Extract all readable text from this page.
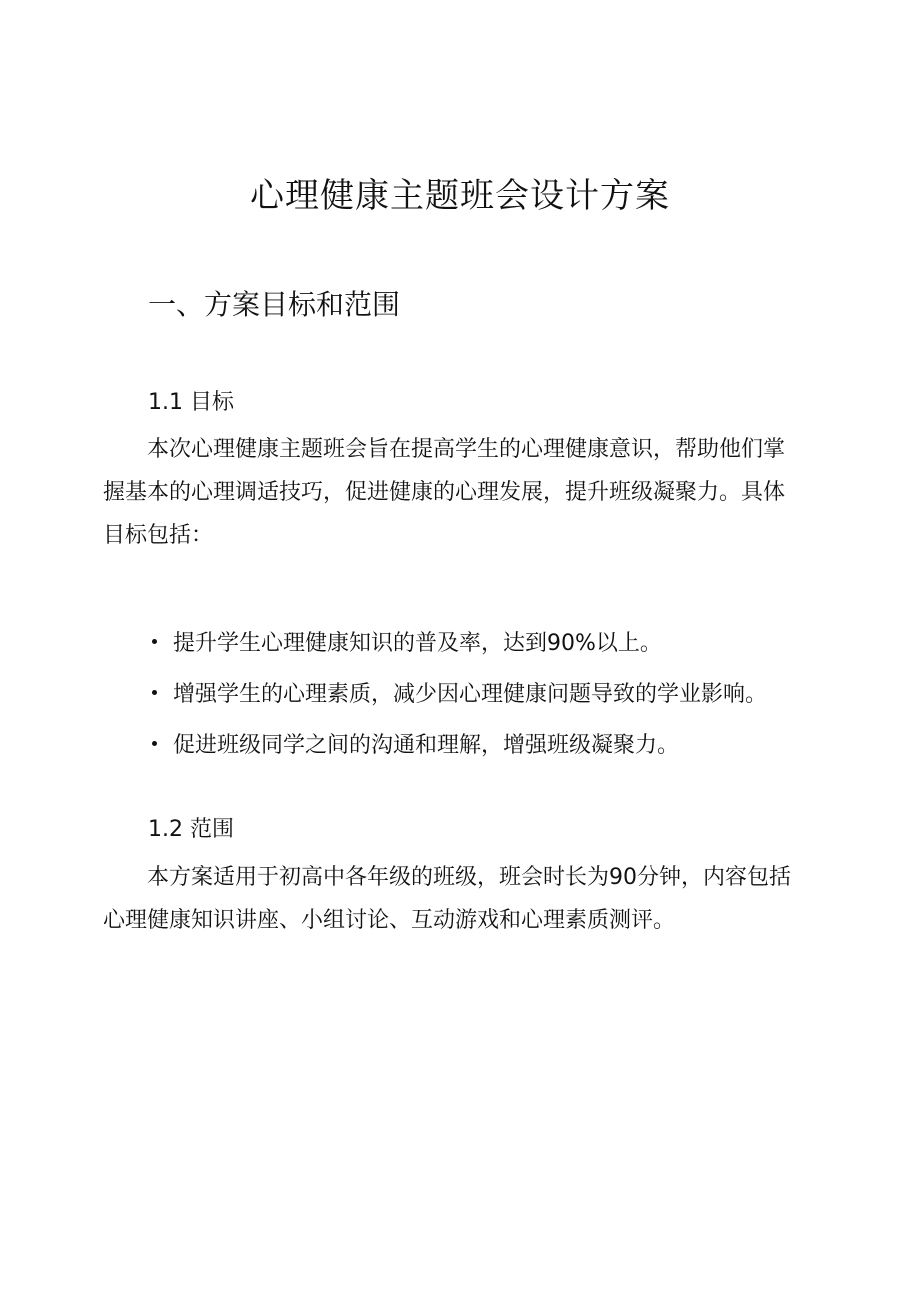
心理健康主题班会设计方案
一、方案目标和范围
1.1 目标

本次心理健康主题班会旨在提高学生的心理健康意识，帮助他们掌握基本的心理调适技巧，促进健康的心理发展，提升班级凝聚力。具体目标包括：

提升学生心理健康知识的普及率，达到90%以上。
增强学生的心理素质，减少因心理健康问题导致的学业影响。
促进班级同学之间的沟通和理解，增强班级凝聚力。
1.2 范围

本方案适用于初高中各年级的班级，班会时长为90分钟，内容包括心理健康知识讲座、小组讨论、互动游戏和心理素质测评。
